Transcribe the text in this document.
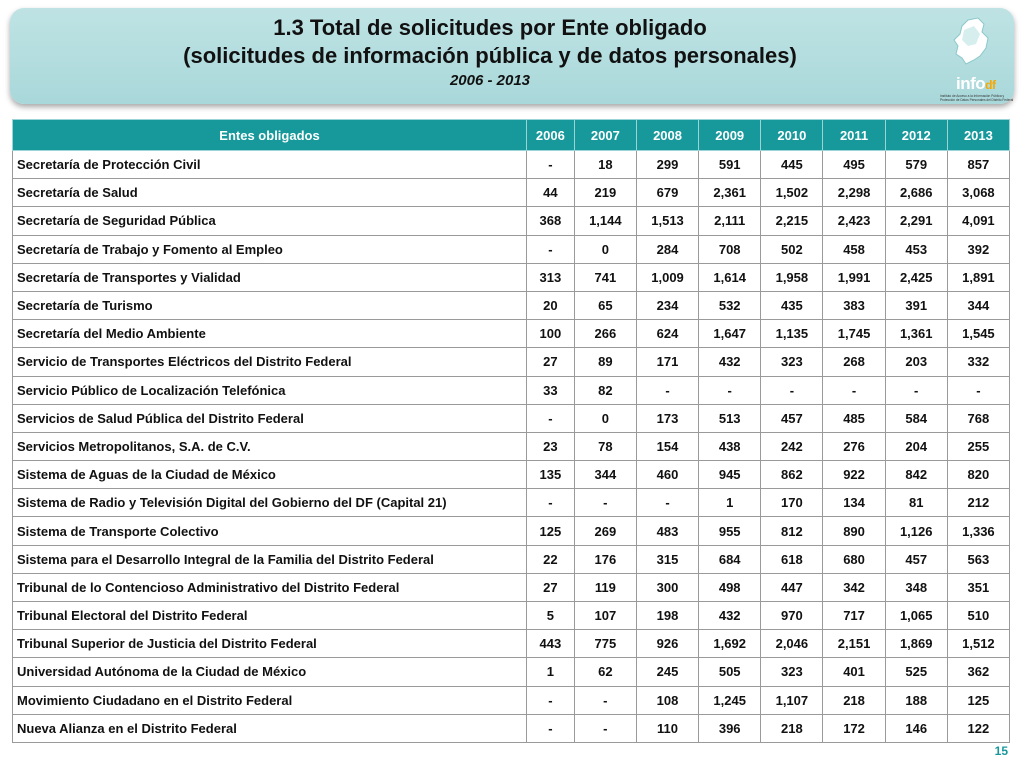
1.3 Total de solicitudes por Ente obligado
(solicitudes de información pública y de datos personales)
2006 - 2013	infodf
Instituto de Acceso a la Información Pública y Protección de Datos Personales del Distrito Federal
Entes obligados	2006	2007	2008	2009	2010	2011	2012	2013
Secretaría de Protección Civil	-	18	299	591	445	495	579	857
Secretaría de Salud	44	219	679	2,361	1,502	2,298	2,686	3,068
Secretaría de Seguridad Pública	368	1,144	1,513	2,111	2,215	2,423	2,291	4,091
Secretaría de Trabajo y Fomento al Empleo	-	0	284	708	502	458	453	392
Secretaría de Transportes y Vialidad	313	741	1,009	1,614	1,958	1,991	2,425	1,891
Secretaría de Turismo	20	65	234	532	435	383	391	344
Secretaría del Medio Ambiente	100	266	624	1,647	1,135	1,745	1,361	1,545
Servicio de Transportes Eléctricos del Distrito Federal	27	89	171	432	323	268	203	332
Servicio Público de Localización Telefónica	33	82	-	-	-	-	-	-
Servicios de Salud Pública del Distrito Federal	-	0	173	513	457	485	584	768
Servicios Metropolitanos, S.A. de C.V.	23	78	154	438	242	276	204	255
Sistema de Aguas de la Ciudad de México	135	344	460	945	862	922	842	820
Sistema de Radio y Televisión Digital del Gobierno del DF (Capital 21)	-	-	-	1	170	134	81	212
Sistema de Transporte Colectivo	125	269	483	955	812	890	1,126	1,336
Sistema para el Desarrollo Integral de la Familia del Distrito Federal	22	176	315	684	618	680	457	563
Tribunal de lo Contencioso Administrativo del Distrito Federal	27	119	300	498	447	342	348	351
Tribunal Electoral del Distrito Federal	5	107	198	432	970	717	1,065	510
Tribunal Superior de Justicia del Distrito Federal	443	775	926	1,692	2,046	2,151	1,869	1,512
Universidad Autónoma de la Ciudad de México	1	62	245	505	323	401	525	362
Movimiento Ciudadano en el Distrito Federal	-	-	108	1,245	1,107	218	188	125
Nueva Alianza en el Distrito Federal	-	-	110	396	218	172	146	122
15
